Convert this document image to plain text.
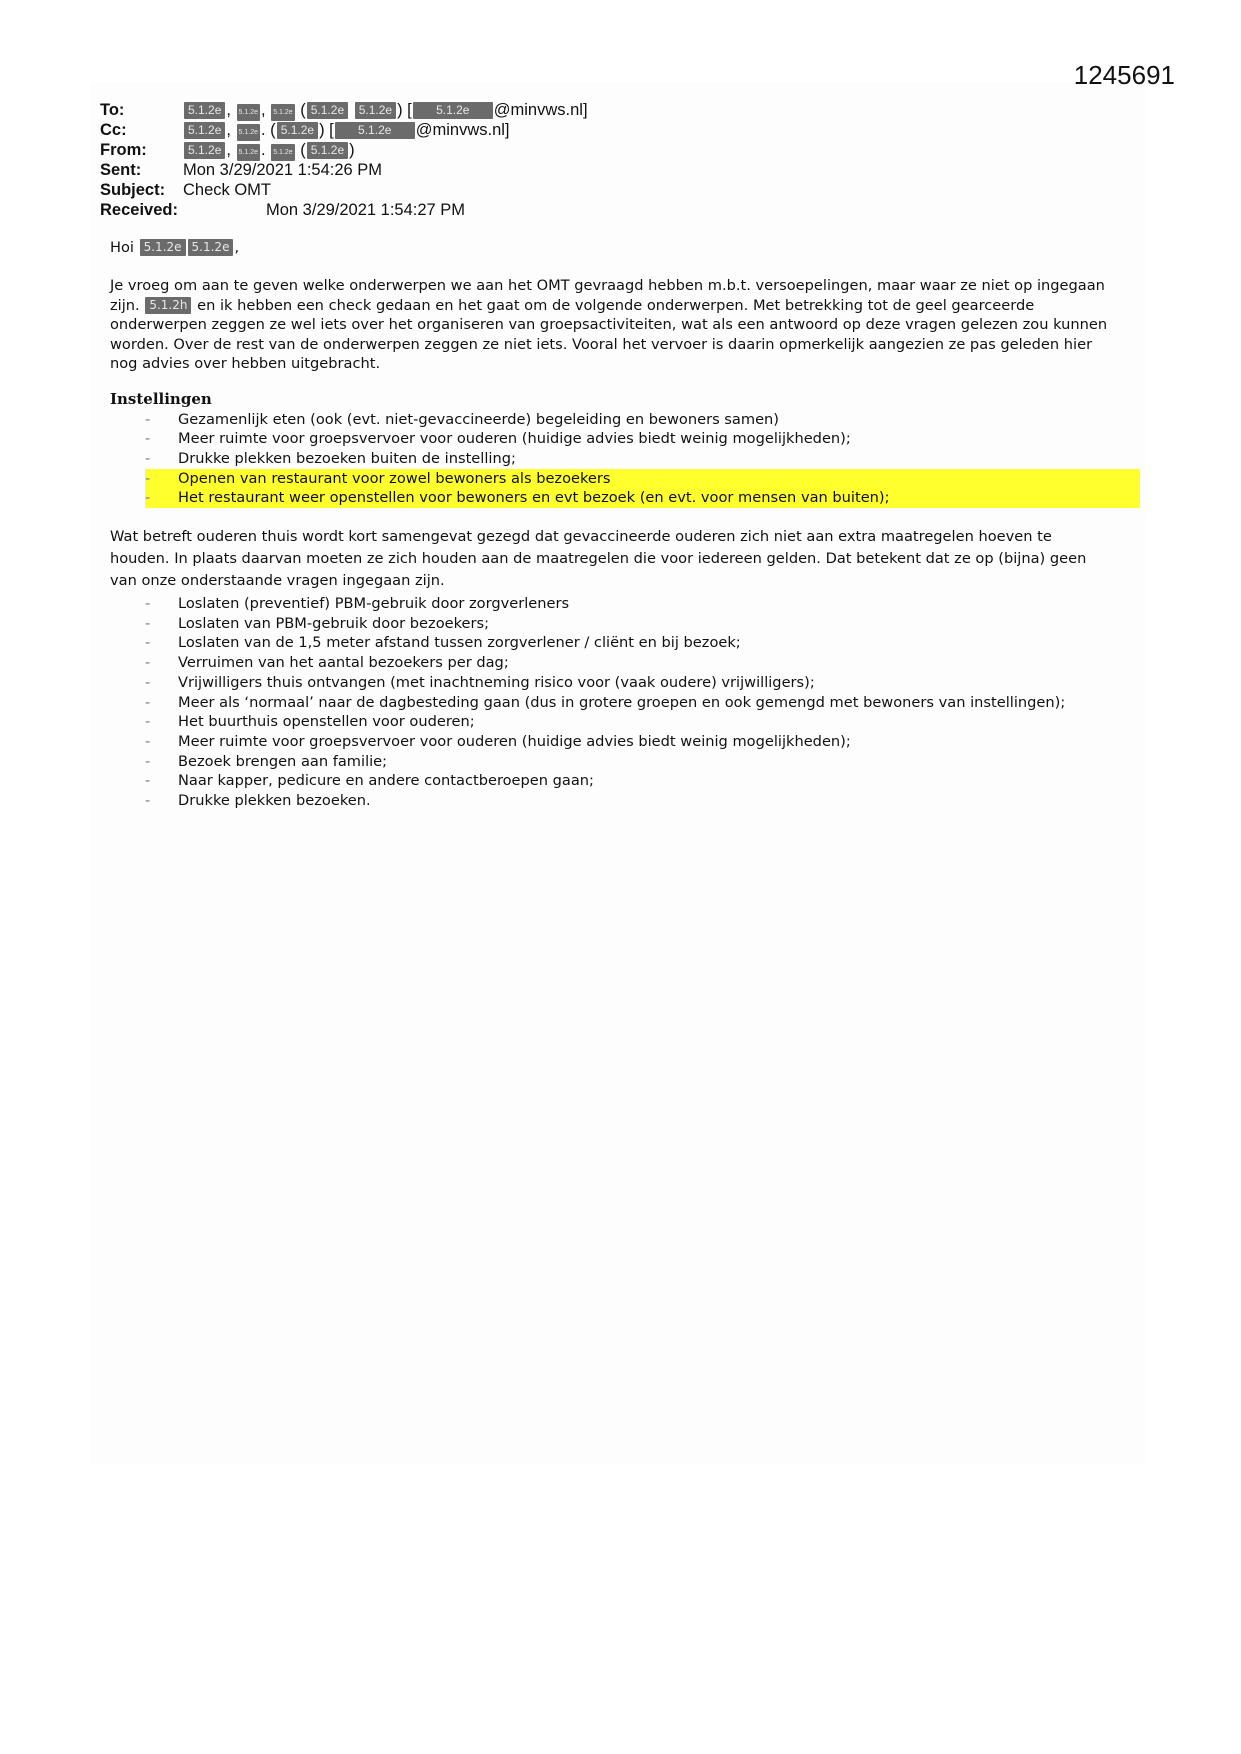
1245691
To:	5.1.2e , 5.1.2e , 5.1.2e ( 5.1.2e 5.1.2e ) [ 5.1.2e @minvws.nl]
Cc:	5.1.2e , 5.1.2e . ( 5.1.2e ) [ 5.1.2e @minvws.nl]
From:	5.1.2e , 5.1.2e . 5.1.2e ( 5.1.2e )
Sent:	Mon 3/29/2021 1:54:26 PM
Subject: Check OMT
Received:	Mon 3/29/2021 1:54:27 PM
Hoi 5.1.2e 5.1.2e ,
Je vroeg om aan te geven welke onderwerpen we aan het OMT gevraagd hebben m.b.t. versoepelingen, maar waar ze niet op ingegaan zijn. 5.1.2h en ik hebben een check gedaan en het gaat om de volgende onderwerpen. Met betrekking tot de geel gearceerde onderwerpen zeggen ze wel iets over het organiseren van groepsactiviteiten, wat als een antwoord op deze vragen gelezen zou kunnen worden. Over de rest van de onderwerpen zeggen ze niet iets. Vooral het vervoer is daarin opmerkelijk aangezien ze pas geleden hier nog advies over hebben uitgebracht.
Instellingen
- Gezamenlijk eten (ook (evt. niet-gevaccineerde) begeleiding en bewoners samen)
- Meer ruimte voor groepsvervoer voor ouderen (huidige advies biedt weinig mogelijkheden);
- Drukke plekken bezoeken buiten de instelling;
- Openen van restaurant voor zowel bewoners als bezoekers
- Het restaurant weer openstellen voor bewoners en evt bezoek (en evt. voor mensen van buiten);
Wat betreft ouderen thuis wordt kort samengevat gezegd dat gevaccineerde ouderen zich niet aan extra maatregelen hoeven te houden. In plaats daarvan moeten ze zich houden aan de maatregelen die voor iedereen gelden. Dat betekent dat ze op (bijna) geen van onze onderstaande vragen ingegaan zijn.
- Loslaten (preventief) PBM-gebruik door zorgverleners
- Loslaten van PBM-gebruik door bezoekers;
- Loslaten van de 1,5 meter afstand tussen zorgverlener / cliënt en bij bezoek;
- Verruimen van het aantal bezoekers per dag;
- Vrijwilligers thuis ontvangen (met inachtneming risico voor (vaak oudere) vrijwilligers);
- Meer als ‘normaal’ naar de dagbesteding gaan (dus in grotere groepen en ook gemengd met bewoners van instellingen);
- Het buurthuis openstellen voor ouderen;
- Meer ruimte voor groepsvervoer voor ouderen (huidige advies biedt weinig mogelijkheden);
- Bezoek brengen aan familie;
- Naar kapper, pedicure en andere contactberoepen gaan;
- Drukke plekken bezoeken.
